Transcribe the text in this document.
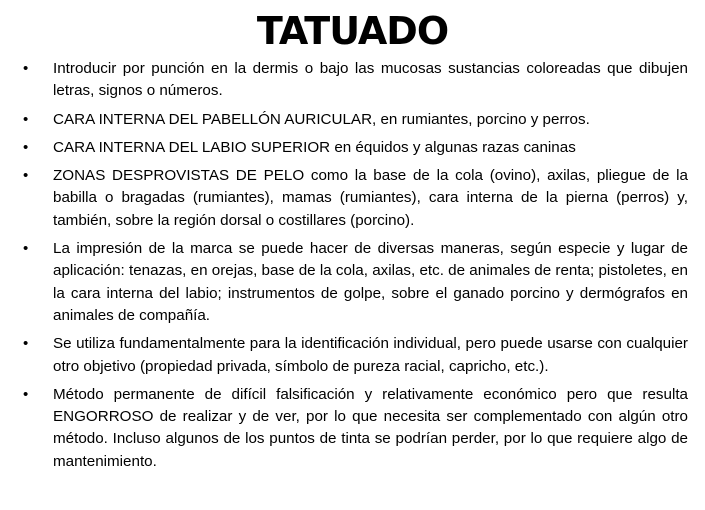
TATUADO
• Introducir por punción en la dermis o bajo las mucosas sustancias coloreadas que dibujen letras, signos o números.
• CARA INTERNA DEL PABELLÓN AURICULAR, en rumiantes, porcino y perros.
• CARA INTERNA DEL LABIO SUPERIOR en équidos y algunas razas caninas
• ZONAS DESPROVISTAS DE PELO como la base de la cola (ovino), axilas, pliegue de la babilla o bragadas (rumiantes), mamas (rumiantes), cara interna de la pierna (perros) y, también, sobre la región dorsal o costillares (porcino).
• La impresión de la marca se puede hacer de diversas maneras, según especie y lugar de aplicación: tenazas, en orejas, base de la cola, axilas, etc. de animales de renta; pistoletes, en la cara interna del labio; instrumentos de golpe, sobre el ganado porcino y dermógrafos en animales de compañía.
• Se utiliza fundamentalmente para la identificación individual, pero puede usarse con cualquier otro objetivo (propiedad privada, símbolo de pureza racial, capricho, etc.).
• Método permanente de difícil falsificación y relativamente económico pero que resulta ENGORROSO de realizar y de ver, por lo que necesita ser complementado con algún otro método. Incluso algunos de los puntos de tinta se podrían perder, por lo que requiere algo de mantenimiento.
